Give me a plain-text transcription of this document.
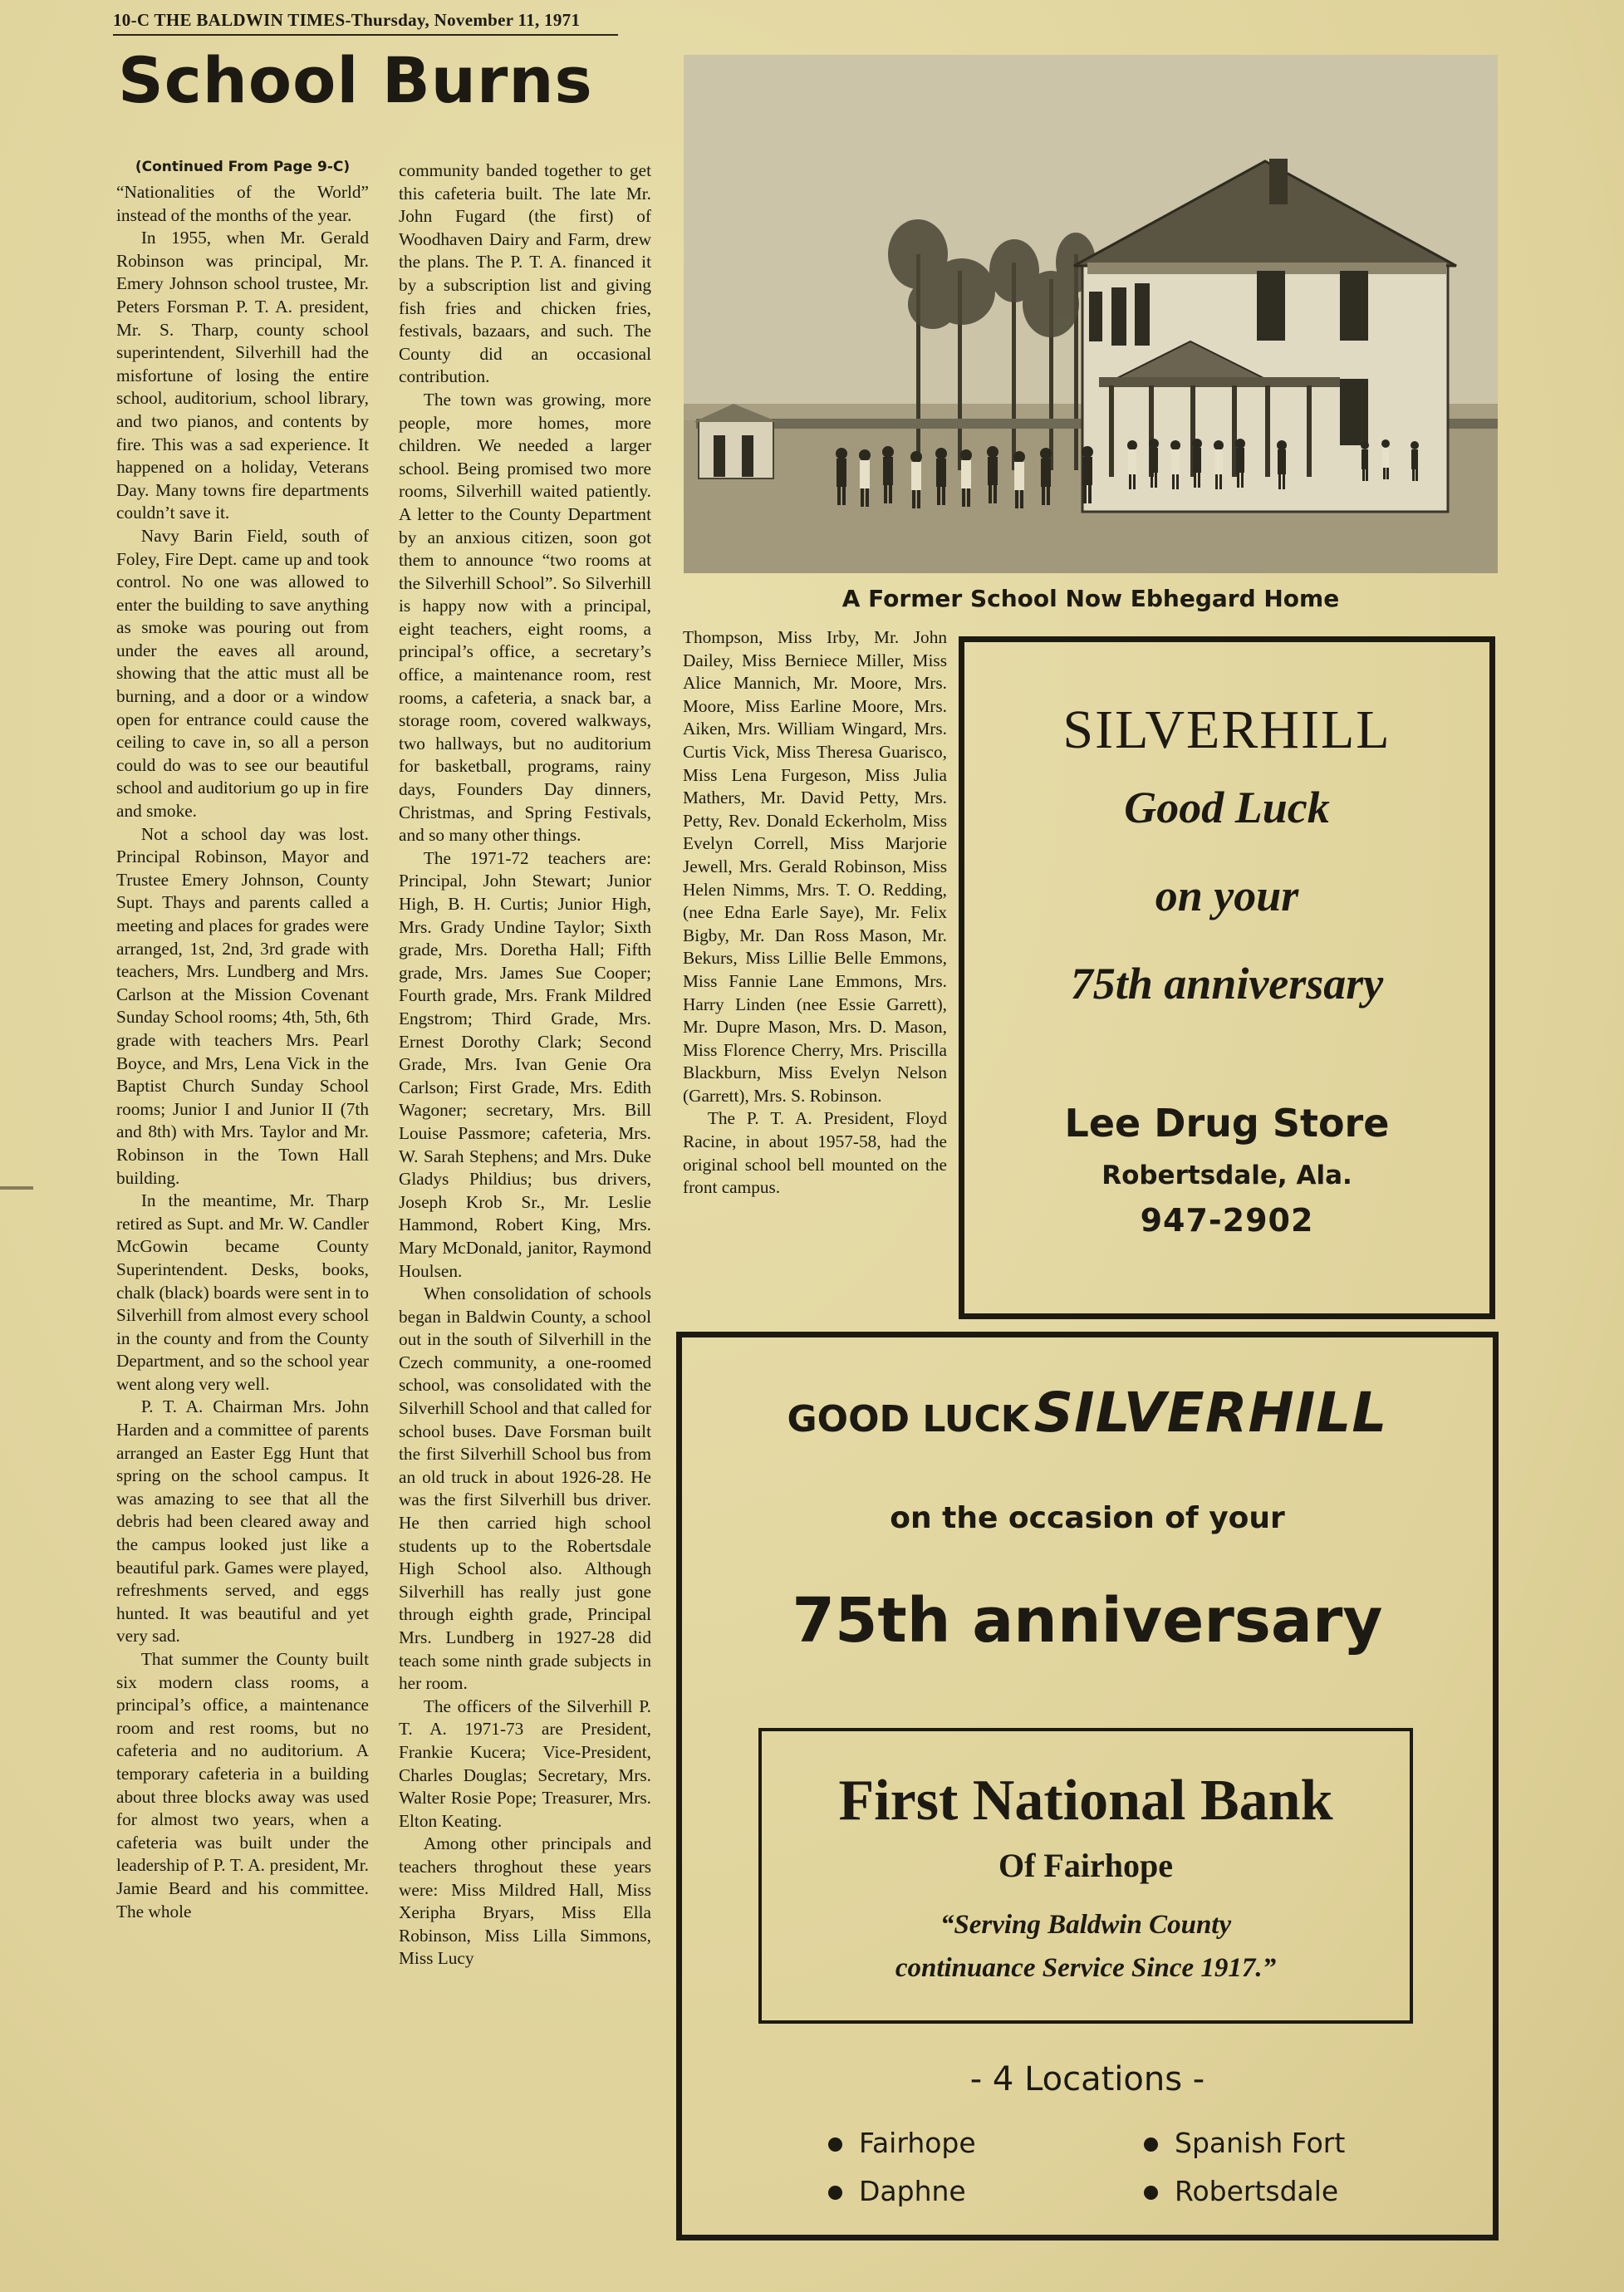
10-C THE BALDWIN TIMES-Thursday, November 11, 1971
School Burns
(Continued From Page 9-C)

“Nationalities of the World” instead of the months of the year.

In 1955, when Mr. Gerald Robinson was principal, Mr. Emery Johnson school trustee, Mr. Peters Forsman P. T. A. president, Mr. S. Tharp, county school superintendent, Silverhill had the misfortune of losing the entire school, auditorium, school library, and two pianos, and contents by fire. This was a sad experience. It happened on a holiday, Veterans Day. Many towns fire departments couldn’t save it.

Navy Barin Field, south of Foley, Fire Dept. came up and took control. No one was allowed to enter the building to save anything as smoke was pouring out from under the eaves all around, showing that the attic must all be burning, and a door or a window open for entrance could cause the ceiling to cave in, so all a person could do was to see our beautiful school and auditorium go up in fire and smoke.

Not a school day was lost. Principal Robinson, Mayor and Trustee Emery Johnson, County Supt. Thays and parents called a meeting and places for grades were arranged, 1st, 2nd, 3rd grade with teachers, Mrs. Lundberg and Mrs. Carlson at the Mission Covenant Sunday School rooms; 4th, 5th, 6th grade with teachers Mrs. Pearl Boyce, and Mrs, Lena Vick in the Baptist Church Sunday School rooms; Junior I and Junior II (7th and 8th) with Mrs. Taylor and Mr. Robinson in the Town Hall building.

In the meantime, Mr. Tharp retired as Supt. and Mr. W. Candler McGowin became County Superintendent. Desks, books, chalk (black) boards were sent in to Silverhill from almost every school in the county and from the County Department, and so the school year went along very well.

P. T. A. Chairman Mrs. John Harden and a committee of parents arranged an Easter Egg Hunt that spring on the school campus. It was amazing to see that all the debris had been cleared away and the campus looked just like a beautiful park. Games were played, refreshments served, and eggs hunted. It was beautiful and yet very sad.

That summer the County built six modern class rooms, a principal’s office, a maintenance room and rest rooms, but no cafeteria and no auditorium. A temporary cafeteria in a building about three blocks away was used for almost two years, when a cafeteria was built under the leadership of P. T. A. president, Mr. Jamie Beard and his committee. The whole

community banded together to get this cafeteria built. The late Mr. John Fugard (the first) of Woodhaven Dairy and Farm, drew the plans. The P. T. A. financed it by a subscription list and giving fish fries and chicken fries, festivals, bazaars, and such. The County did an occasional contribution.

The town was growing, more people, more homes, more children. We needed a larger school. Being promised two more rooms, Silverhill waited patiently. A letter to the County Department by an anxious citizen, soon got them to announce “two rooms at the Silverhill School”. So Silverhill is happy now with a principal, eight teachers, eight rooms, a principal’s office, a secretary’s office, a maintenance room, rest rooms, a cafeteria, a snack bar, a storage room, covered walkways, two hallways, but no auditorium for basketball, programs, rainy days, Founders Day dinners, Christmas, and Spring Festivals, and so many other things.

The 1971-72 teachers are: Principal, John Stewart; Junior High, B. H. Curtis; Junior High, Mrs. Grady Undine Taylor; Sixth grade, Mrs. Doretha Hall; Fifth grade, Mrs. James Sue Cooper; Fourth grade, Mrs. Frank Mildred Engstrom; Third Grade, Mrs. Ernest Dorothy Clark; Second Grade, Mrs. Ivan Genie Ora Carlson; First Grade, Mrs. Edith Wagoner; secretary, Mrs. Bill Louise Passmore; cafeteria, Mrs. W. Sarah Stephens; and Mrs. Duke Gladys Phildius; bus drivers, Joseph Krob Sr., Mr. Leslie Hammond, Robert King, Mrs. Mary McDonald, janitor, Raymond Houlsen.

When consolidation of schools began in Baldwin County, a school out in the south of Silverhill in the Czech community, a one-roomed school, was consolidated with the Silverhill School and that called for school buses. Dave Forsman built the first Silverhill School bus from an old truck in about 1926-28. He was the first Silverhill bus driver. He then carried high school students up to the Robertsdale High School also. Although Silverhill has really just gone through eighth grade, Principal Mrs. Lundberg in 1927-28 did teach some ninth grade subjects in her room.

The officers of the Silverhill P. T. A. 1971-73 are President, Frankie Kucera; Vice-President, Charles Douglas; Secretary, Mrs. Walter Rosie Pope; Treasurer, Mrs. Elton Keating.

Among other principals and teachers throghout these years were: Miss Mildred Hall, Miss Xeripha Bryars, Miss Ella Robinson, Miss Lilla Simmons, Miss Lucy

Thompson, Miss Irby, Mr. John Dailey, Miss Berniece Miller, Miss Alice Mannich, Mr. Moore, Mrs. Moore, Miss Earline Moore, Mrs. Aiken, Mrs. William Wingard, Mrs. Curtis Vick, Miss Theresa Guarisco, Miss Lena Furgeson, Miss Julia Mathers, Mr. David Petty, Mrs. Petty, Rev. Donald Eckerholm, Miss Evelyn Correll, Miss Marjorie Jewell, Mrs. Gerald Robinson, Miss Helen Nimms, Mrs. T. O. Redding, (nee Edna Earle Saye), Mr. Felix Bigby, Mr. Dan Ross Mason, Mr. Bekurs, Miss Lillie Belle Emmons, Miss Fannie Lane Emmons, Mrs. Harry Linden (nee Essie Garrett), Mr. Dupre Mason, Mrs. D. Mason, Miss Florence Cherry, Mrs. Priscilla Blackburn, Miss Evelyn Nelson (Garrett), Mrs. S. Robinson.

The P. T. A. President, Floyd Racine, in about 1957-58, had the original school bell mounted on the front campus.

A Former School Now Ebhegard Home
SILVERHILL
Good Luck
on your
75th anniversary
Lee Drug Store
Robertsdale, Ala.
947-2902
GOOD LUCK SILVERHILL
on the occasion of your
75th anniversary
First National Bank
Of Fairhope
“Serving Baldwin County
continuance Service Since 1917.”
- 4 Locations -
Fairhope	Spanish Fort
Daphne	Robertsdale
